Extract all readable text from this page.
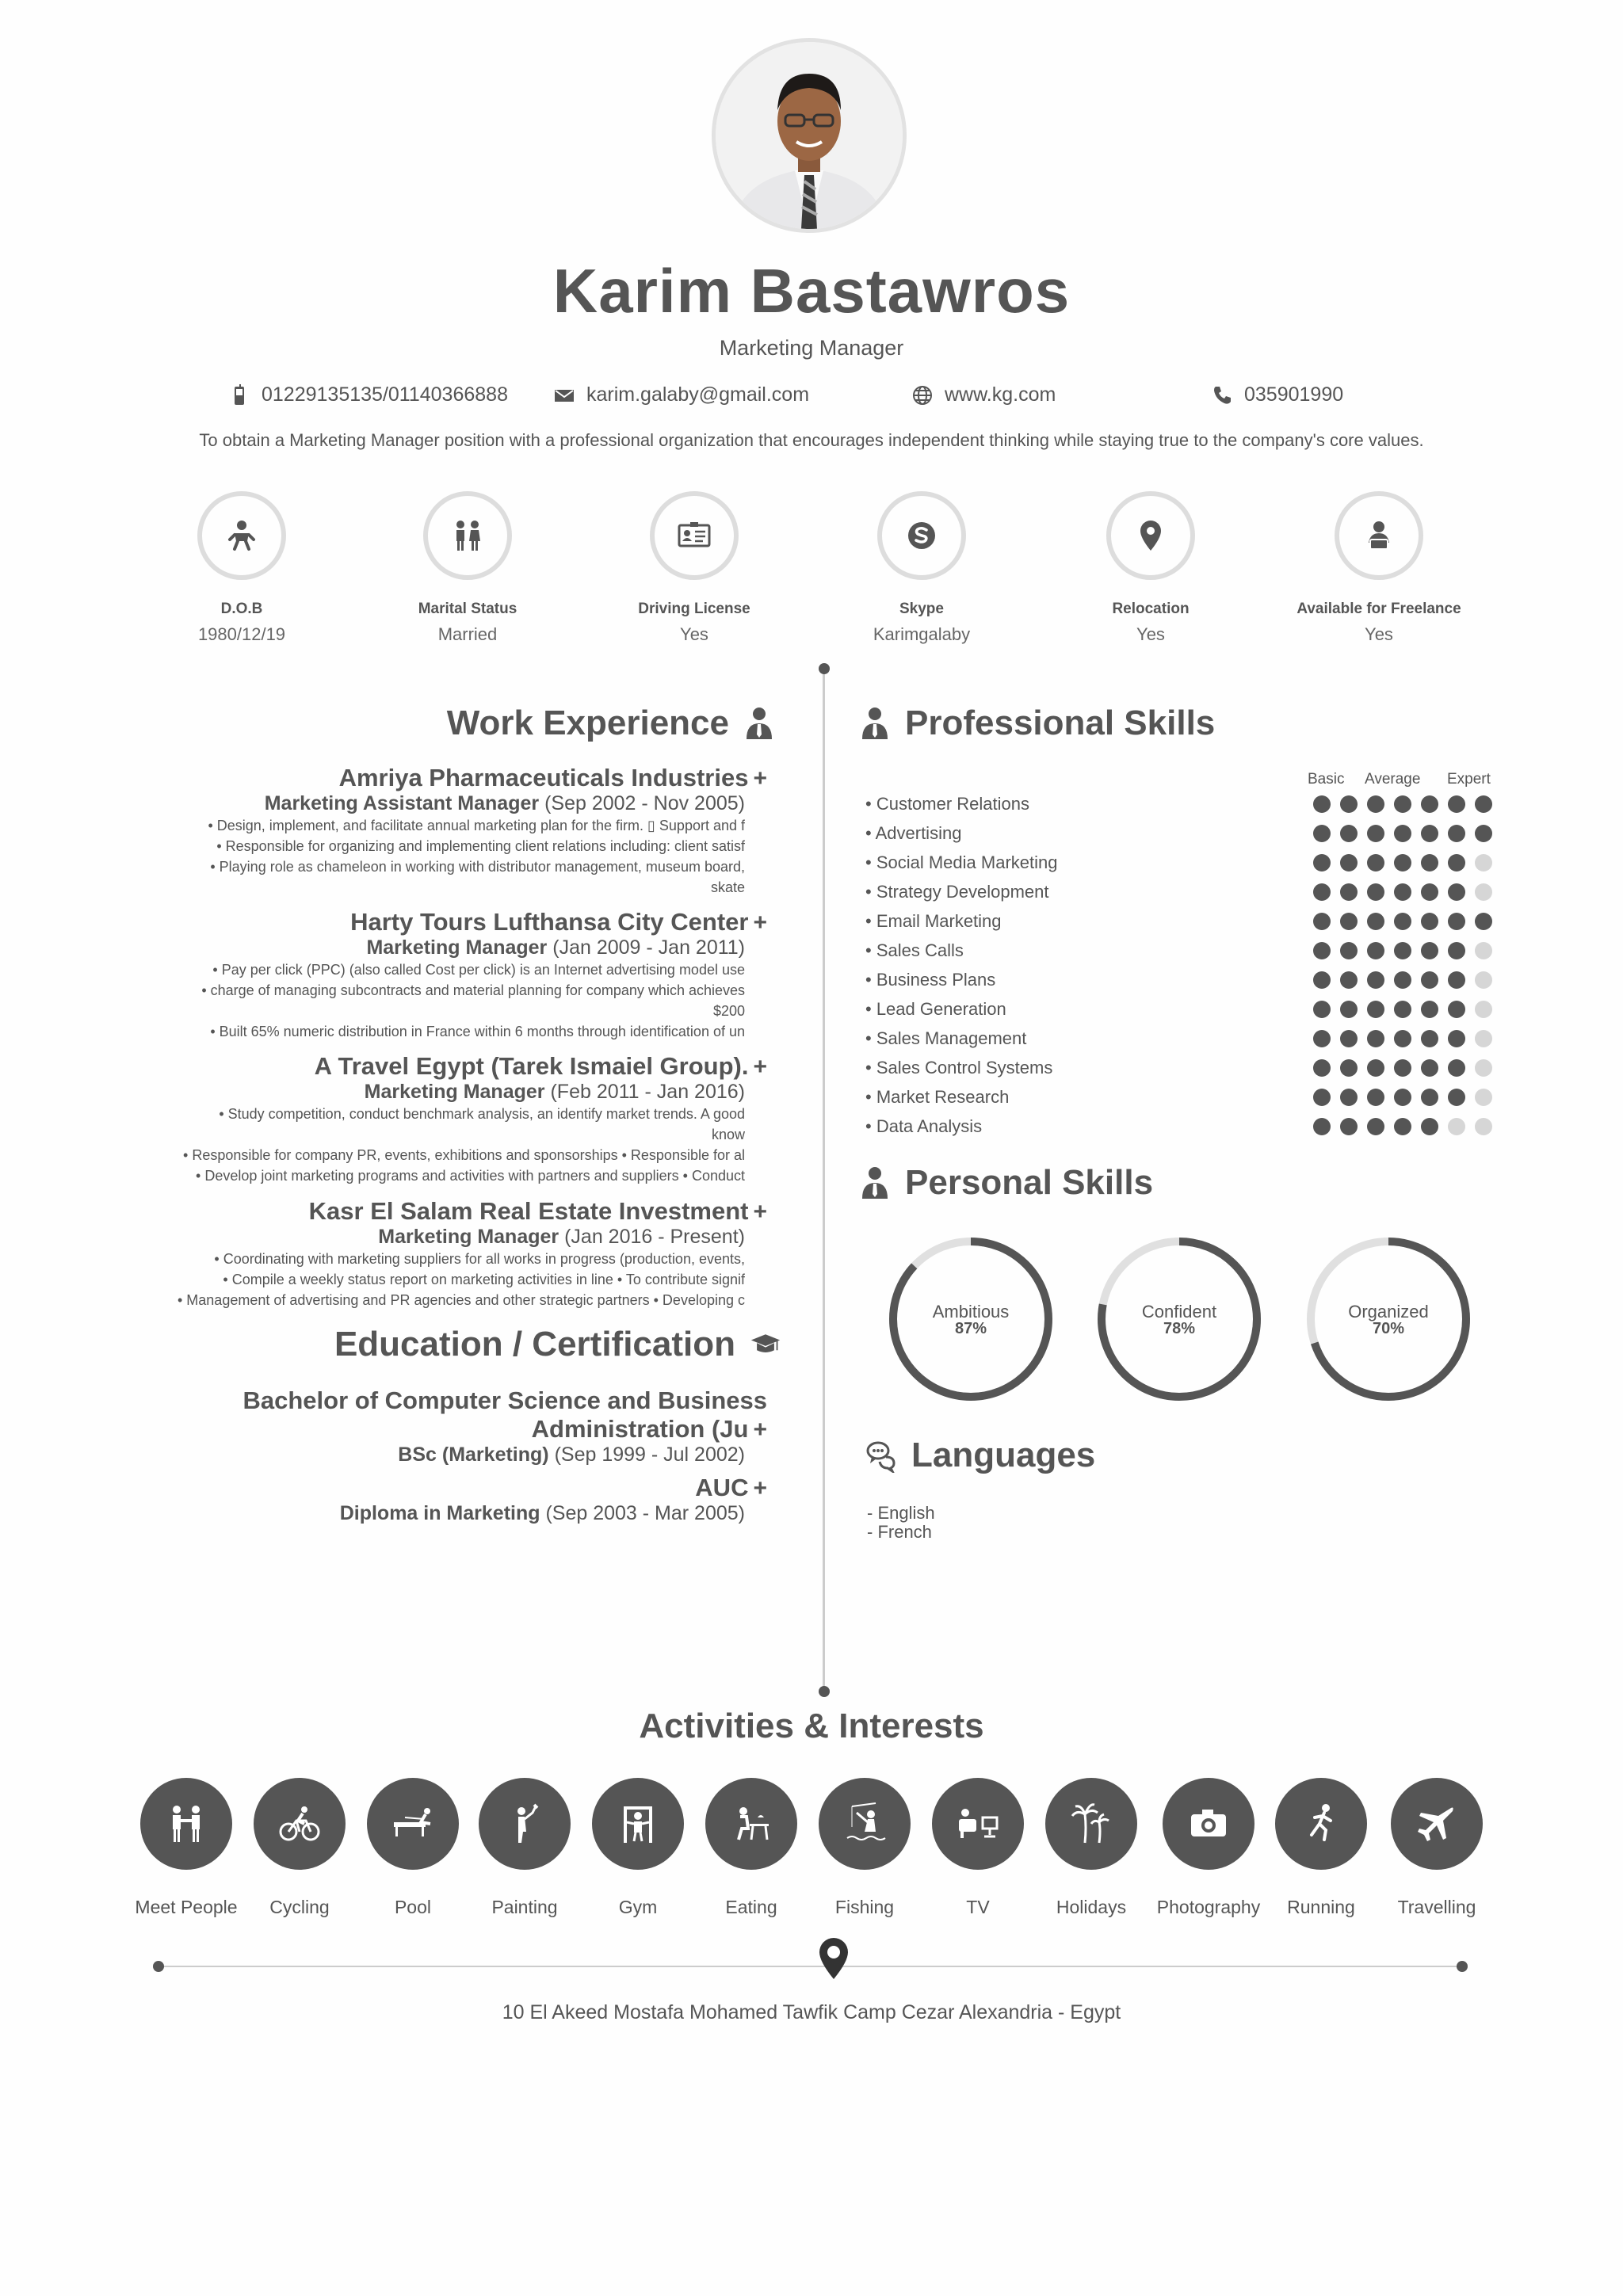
Karim Bastawros
Marketing Manager
01229135135/01140366888	karim.galaby@gmail.com	www.kg.com	035901990
To obtain a Marketing Manager position with a professional organization that encourages independent thinking while staying true to the company's core values.
D.O.B
1980/12/19
Marital Status
Married
Driving License
Yes
Skype
Karimgalaby
Relocation
Yes
Available for Freelance
Yes
Work Experience
Amriya Pharmaceuticals Industries +
Marketing Assistant Manager (Sep 2002 - Nov 2005)
• Design, implement, and facilitate annual marketing plan for the firm. ▯ Support and f
• Responsible for organizing and implementing client relations including: client satisf
• Playing role as chameleon in working with distributor management, museum board,
skate
Harty Tours Lufthansa City Center +
Marketing Manager (Jan 2009 - Jan 2011)
• Pay per click (PPC) (also called Cost per click) is an Internet advertising model use
• charge of managing subcontracts and material planning for company which achieves
$200
• Built 65% numeric distribution in France within 6 months through identification of un
A Travel Egypt (Tarek Ismaiel Group). +
Marketing Manager (Feb 2011 - Jan 2016)
• Study competition, conduct benchmark analysis, an identify market trends. A good
know
• Responsible for company PR, events, exhibitions and sponsorships • Responsible for al
• Develop joint marketing programs and activities with partners and suppliers • Conduct
Kasr El Salam Real Estate Investment +
Marketing Manager (Jan 2016 - Present)
• Coordinating with marketing suppliers for all works in progress (production, events,
• Compile a weekly status report on marketing activities in line • To contribute signif
• Management of advertising and PR agencies and other strategic partners • Developing c
Education / Certification
Bachelor of Computer Science and Business
Administration (Ju +
BSc (Marketing) (Sep 1999 - Jul 2002)
AUC +
Diploma in Marketing (Sep 2003 - Mar 2005)
Professional Skills
Basic Average Expert
• Customer Relations
• Advertising
• Social Media Marketing
• Strategy Development
• Email Marketing
• Sales Calls
• Business Plans
• Lead Generation
• Sales Management
• Sales Control Systems
• Market Research
• Data Analysis
Personal Skills
Ambitious
87%
Confident
78%
Organized
70%
Languages
- English
- French
Activities & Interests
Meet People	Cycling	Pool	Painting	Gym	Eating	Fishing	TV	Holidays	Photography	Running	Travelling
10 El Akeed Mostafa Mohamed Tawfik Camp Cezar Alexandria - Egypt
